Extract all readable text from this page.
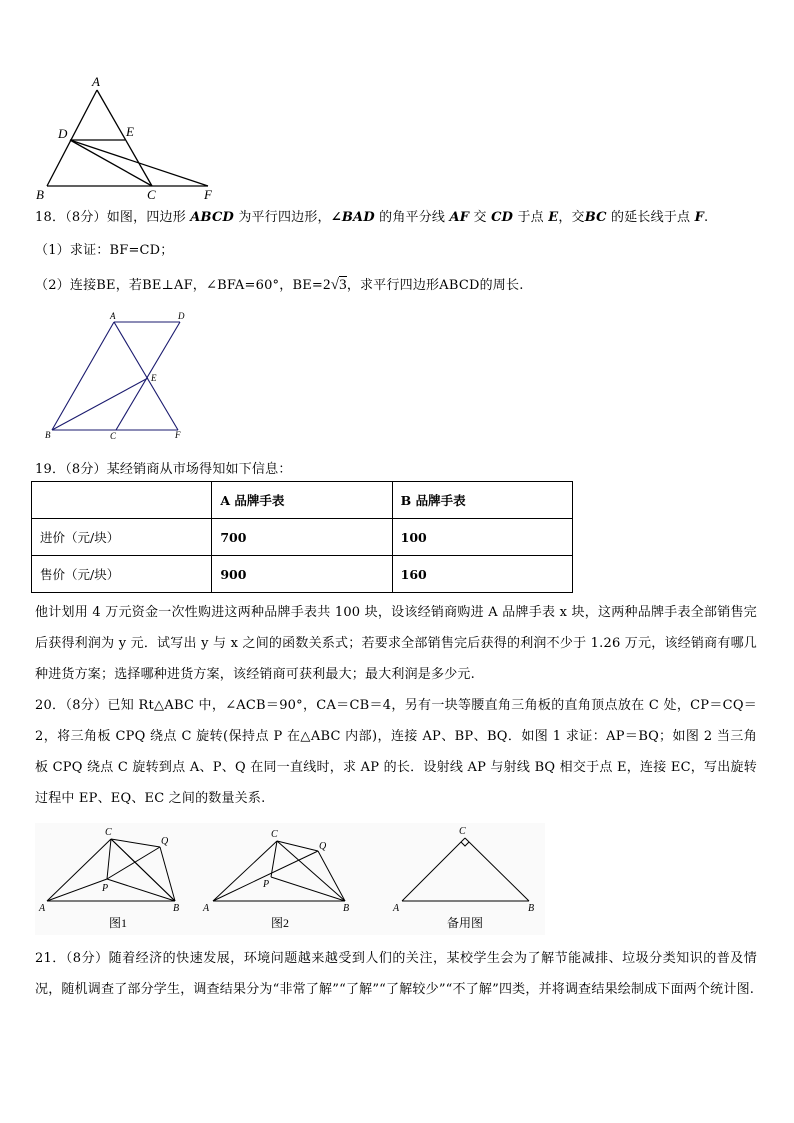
A
D	E
B	C	F
18．（8分）如图，四边形 ABCD 为平行四边形，∠BAD 的角平分线 AF 交 CD 于点 E，交BC 的延长线于点 F.
（1）求证：BF=CD；
（2）连接BE，若BE⊥AF，∠BFA=60°，BE=2√3，求平行四边形ABCD的周长.
A	D
E
B	C	F
19．（8分）某经销商从市场得知如下信息：
	A 品牌手表	B 品牌手表
进价（元/块）	700	100
售价（元/块）	900	160
他计划用 4 万元资金一次性购进这两种品牌手表共 100 块，设该经销商购进 A 品牌手表 x 块，这两种品牌手表全部销售完后获得利润为 y 元．试写出 y 与 x 之间的函数关系式；若要求全部销售完后获得的利润不少于 1.26 万元，该经销商有哪几种进货方案；选择哪种进货方案，该经销商可获利最大；最大利润是多少元.
20．（8分）已知 Rt△ABC 中，∠ACB＝90°，CA＝CB＝4，另有一块等腰直角三角板的直角顶点放在 C 处，CP＝CQ＝2，将三角板 CPQ 绕点 C 旋转(保持点 P 在△ABC 内部)，连接 AP、BP、BQ．如图 1 求证：AP＝BQ；如图 2 当三角板 CPQ 绕点 C 旋转到点 A、P、Q 在同一直线时，求 AP 的长．设射线 AP 与射线 BQ 相交于点 E，连接 EC，写出旋转过程中 EP、EQ、EC 之间的数量关系.
C
Q
P
A	B
图1
C
Q
P
A	B
图2
C
A	B
备用图
21．（8分）随着经济的快速发展，环境问题越来越受到人们的关注，某校学生会为了解节能减排、垃圾分类知识的普及情况，随机调查了部分学生，调查结果分为“非常了解”“了解”“了解较少”“不了解”四类，并将调查结果绘制成下面两个统计图.
